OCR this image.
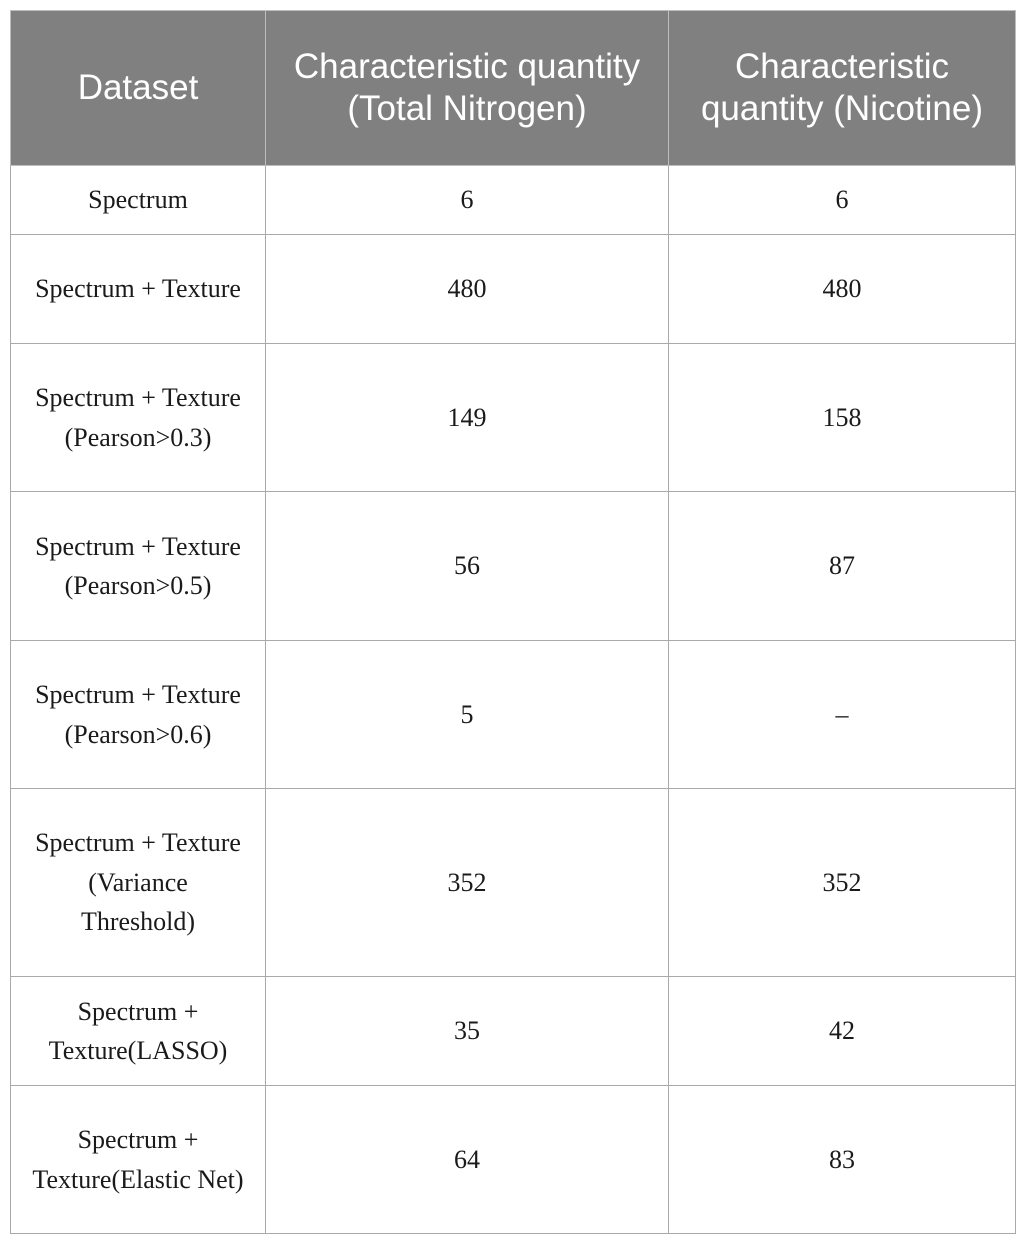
Dataset	Characteristic quantity (Total Nitrogen)	Characteristic quantity (Nicotine)
Spectrum	6	6
Spectrum + Texture	480	480
Spectrum + Texture (Pearson>0.3)	149	158
Spectrum + Texture (Pearson>0.5)	56	87
Spectrum + Texture (Pearson>0.6)	5	–
Spectrum + Texture (Variance Threshold)	352	352
Spectrum + Texture(LASSO)	35	42
Spectrum + Texture(Elastic Net)	64	83
